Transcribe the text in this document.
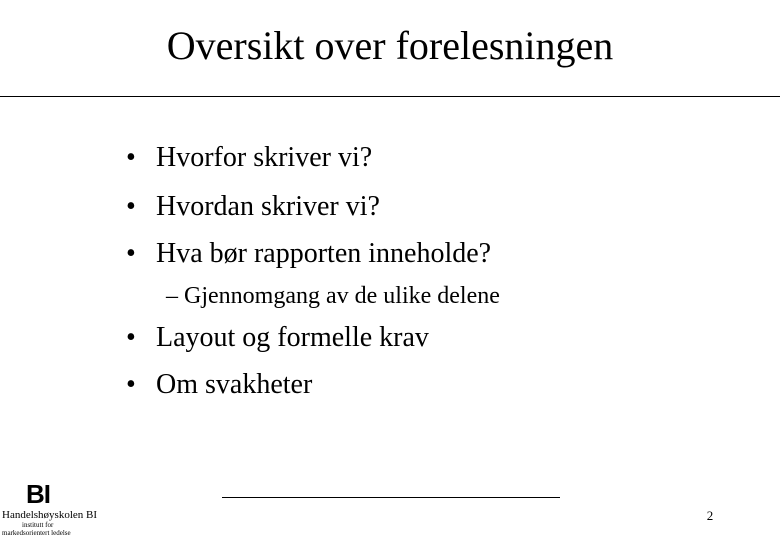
Oversikt over forelesningen
• Hvorfor skriver vi?
• Hvordan skriver vi?
• Hva bør rapporten inneholde?
– Gjennomgang av de ulike delene
• Layout og formelle krav
• Om svakheter
2
BI
Handelshøyskolen BI
institutt for
markedsorientert ledelse
